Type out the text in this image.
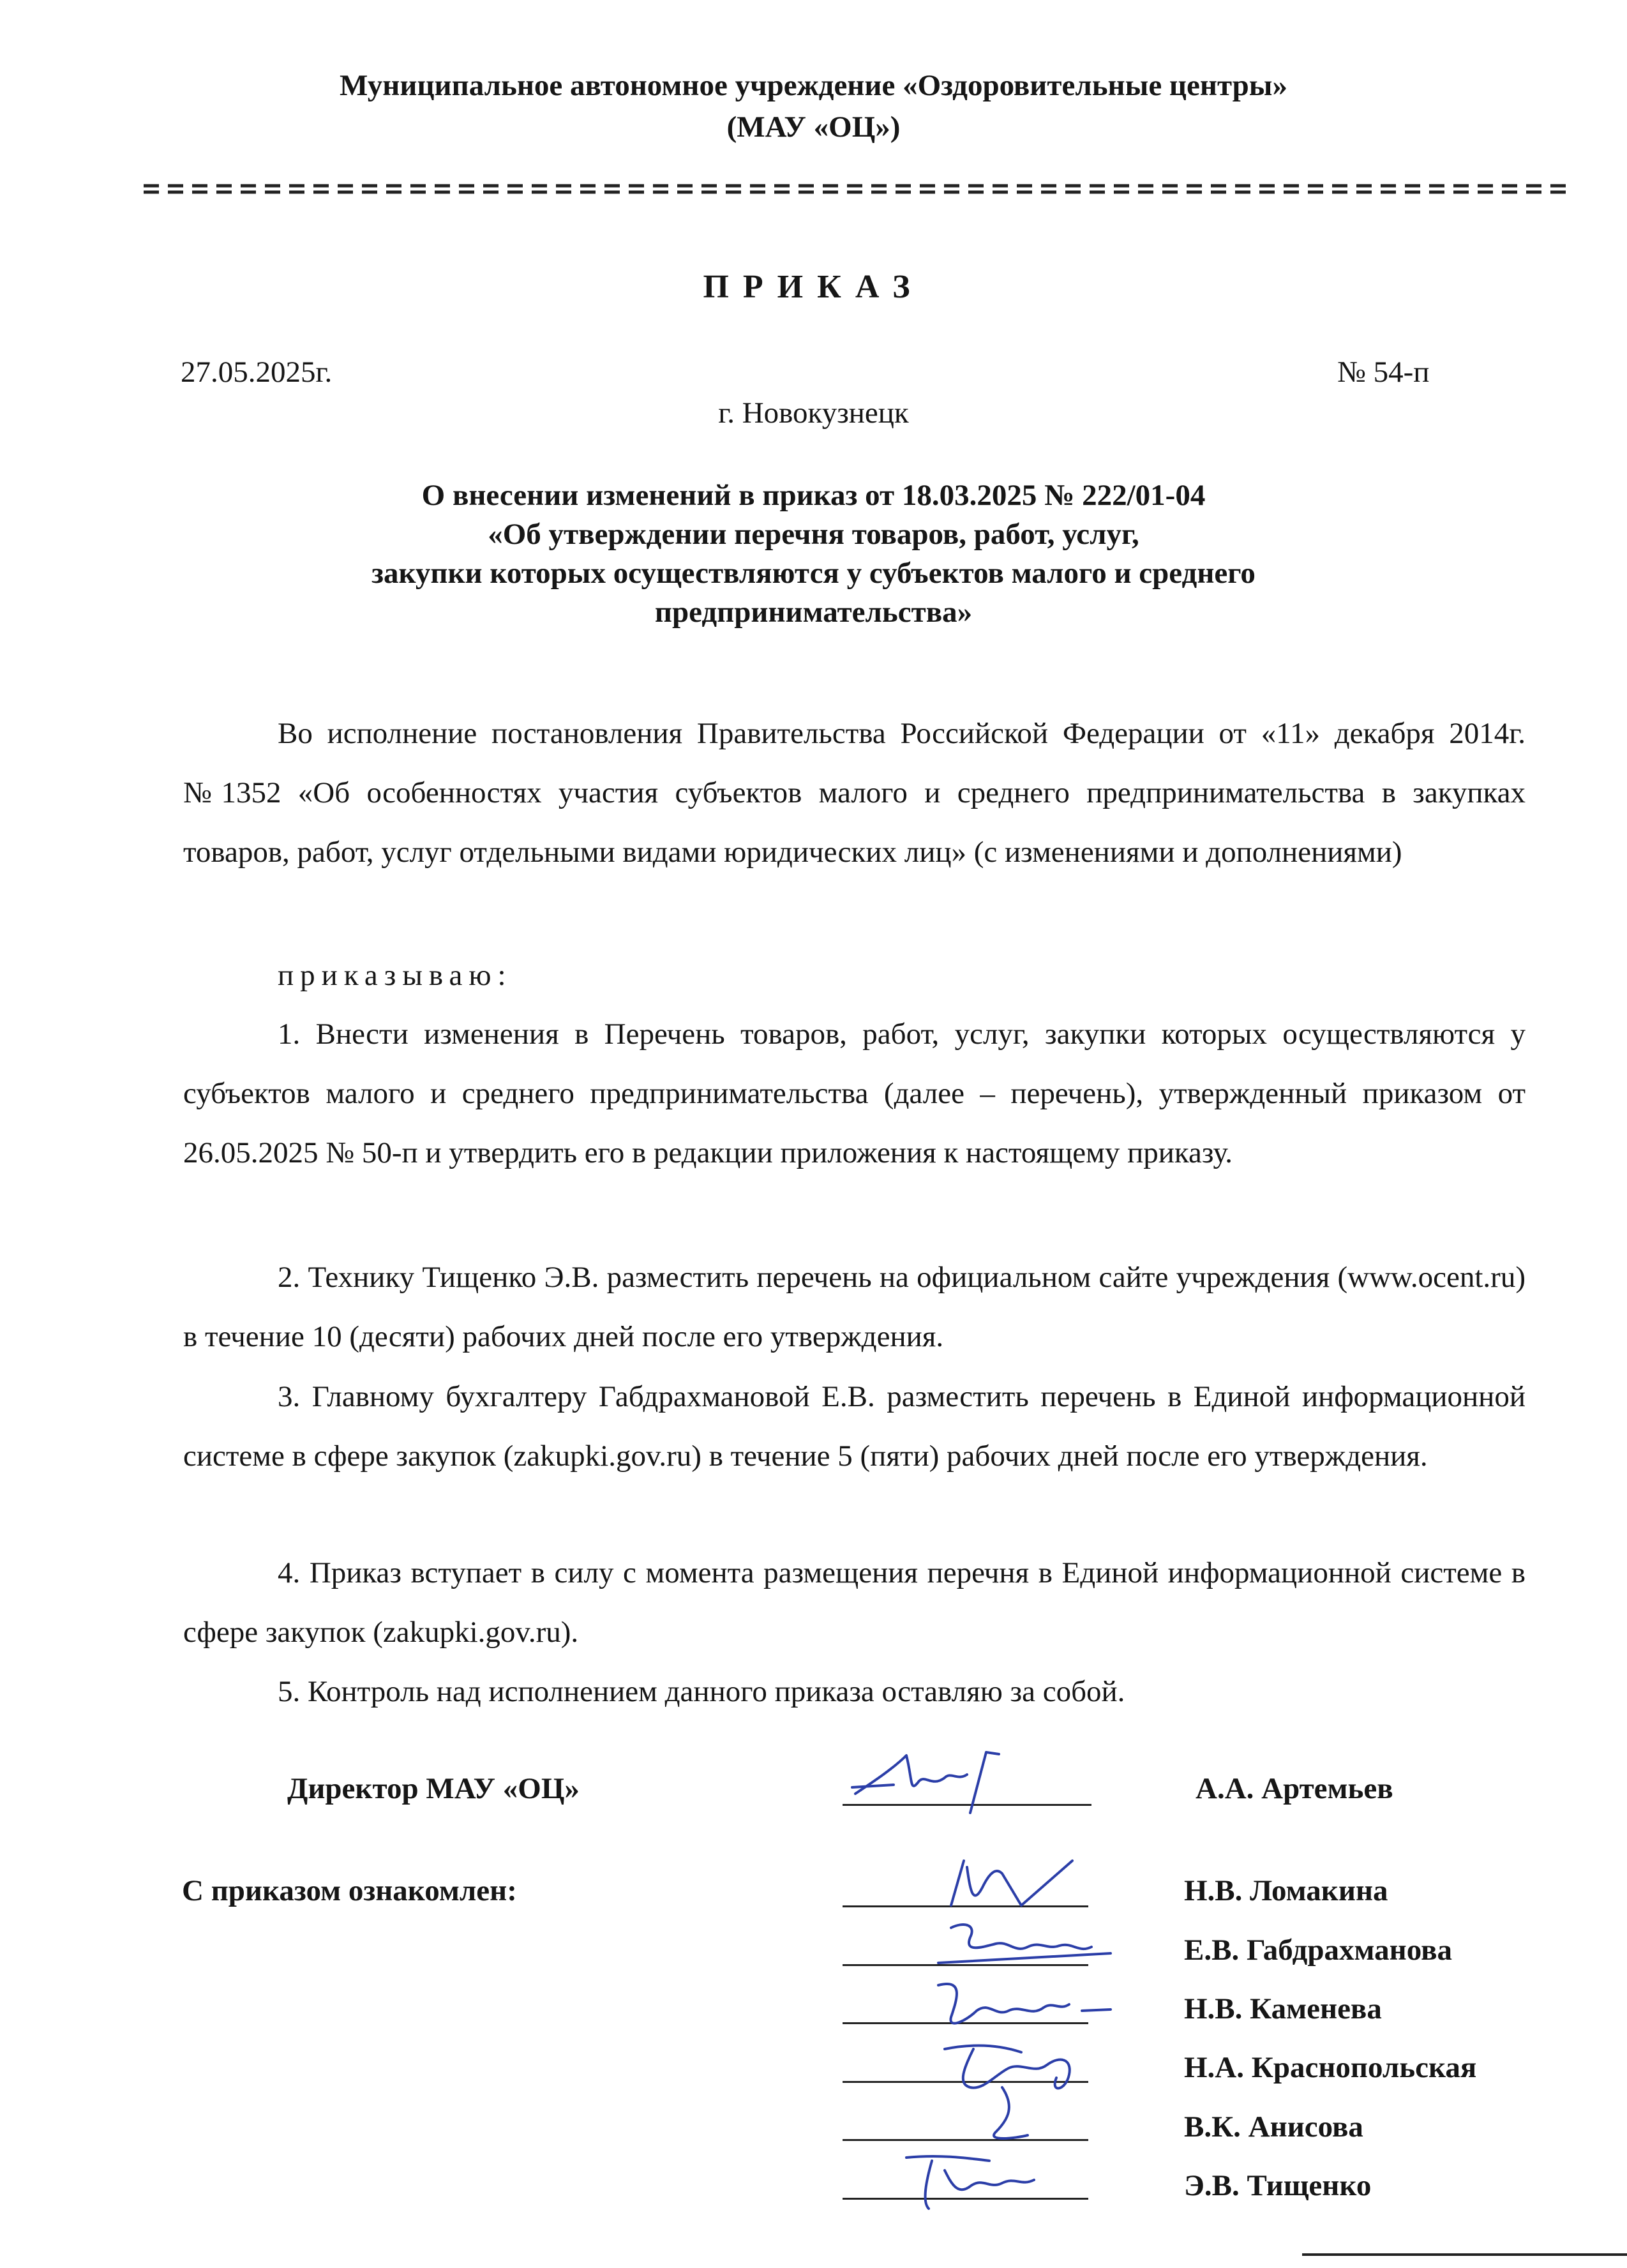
Муниципальное автономное учреждение «Оздоровительные центры»
(МАУ «ОЦ»)
ПРИКАЗ
27.05.2025г.	№ 54-п
г. Новокузнецк
О внесении изменений в приказ от 18.03.2025 № 222/01-04
«Об утверждении перечня товаров, работ, услуг,
закупки которых осуществляются у субъектов малого и среднего
предпринимательства»
Во исполнение постановления Правительства Российской Федерации от «11» декабря 2014г. №1352 «Об особенностях участия субъектов малого и среднего предпринимательства в закупках товаров, работ, услуг отдельными видами юридических лиц» (с изменениями и дополнениями)
приказываю:
1. Внести изменения в Перечень товаров, работ, услуг, закупки которых осуществляются у субъектов малого и среднего предпринимательства (далее – перечень), утвержденный приказом от 26.05.2025 № 50-п и утвердить его в редакции приложения к настоящему приказу.
2. Технику Тищенко Э.В. разместить перечень на официальном сайте учреждения (www.ocent.ru) в течение 10 (десяти) рабочих дней после его утверждения.
3. Главному бухгалтеру Габдрахмановой Е.В. разместить перечень в Единой информационной системе в сфере закупок (zakupki.gov.ru) в течение 5 (пяти) рабочих дней после его утверждения.
4. Приказ вступает в силу с момента размещения перечня в Единой информационной системе в сфере закупок (zakupki.gov.ru).
5. Контроль над исполнением данного приказа оставляю за собой.
Директор МАУ «ОЦ»	А.А. Артемьев
С приказом ознакомлен:	Н.В. Ломакина
Е.В. Габдрахманова
Н.В. Каменева
Н.А. Краснопольская
В.К. Анисова
Э.В. Тищенко
